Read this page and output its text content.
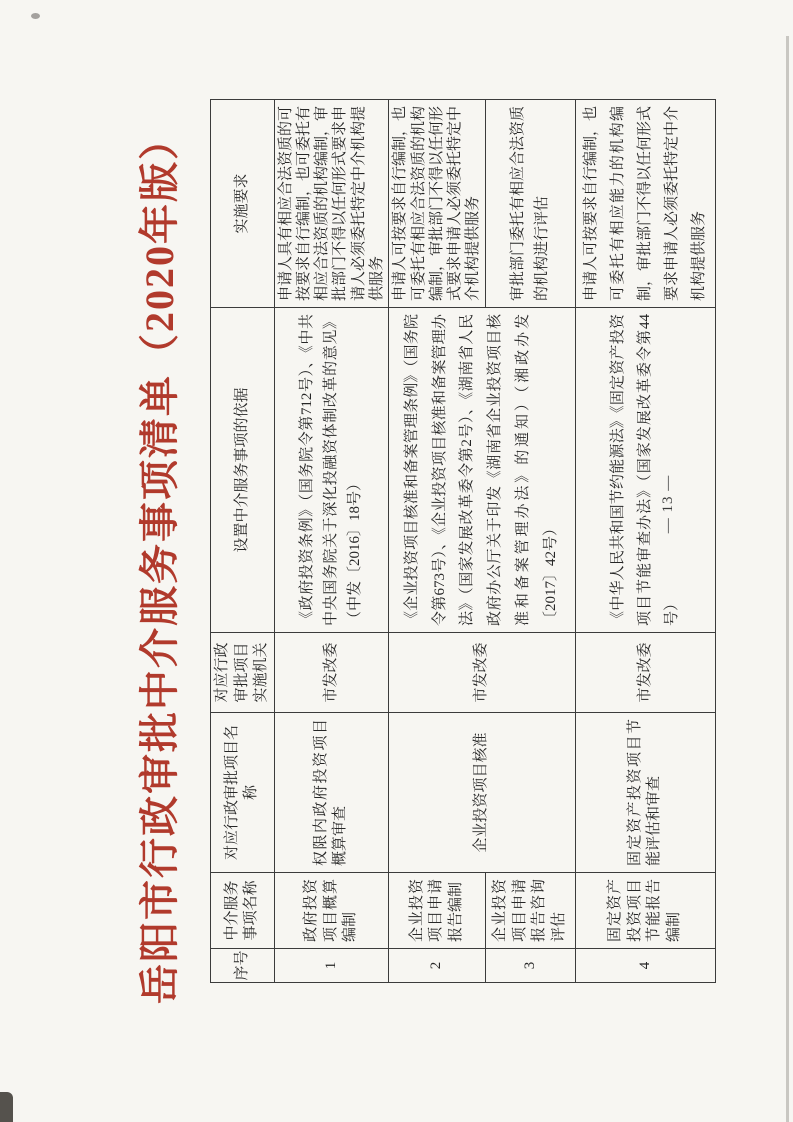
岳阳市行政审批中介服务事项清单（2020年版）	序号	中介服务事项名称	对应行政审批项目名称	对应行政审批项目实施机关	设置中介服务事项的依据	实施要求
1	政府投资项目概算编制	权限内政府投资项目概算审查	市发改委	《政府投资条例》（国务院令第712号）、《中共中央国务院关于深化投融资体制改革的意见》（中发〔2016〕18号）	申请人具有相应合法资质的可按要求自行编制，也可委托有相应合法资质的机构编制，审批部门不得以任何形式要求申请人必须委托特定中介机构提供服务
2	企业投资项目申请报告编制	企业投资项目核准	市发改委	《企业投资项目核准和备案管理条例》（国务院令第673号）、《企业投资项目核准和备案管理办法》（国家发展改革委令第2号）、《湖南省人民政府办公厅关于印发《湖南省企业投资项目核准和备案管理办法》的通知）（湘政办发〔2017〕42号）	申请人可按要求自行编制，也可委托有相应合法资质的机构编制，审批部门不得以任何形式要求申请人必须委托特定中介机构提供服务
3	企业投资项目申请报告咨询评估				审批部门委托有相应合法资质的机构进行评估
4	固定资产投资项目节能报告编制	固定资产投资项目节能评估和审查	市发改委	《中华人民共和国节约能源法》《固定资产投资项目节能审查办法》（国家发展改革委令第44号）	申请人可按要求自行编制，也可委托有相应能力的机构编制，审批部门不得以任何形式要求申请人必须委托特定中介机构提供服务
— 13 —
